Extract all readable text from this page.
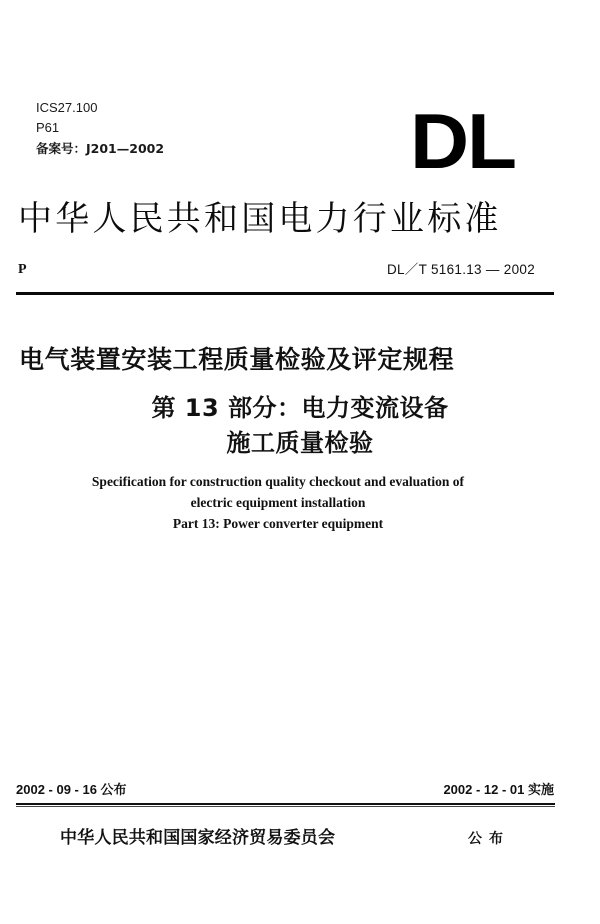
ICS27.100
P61
备案号：J201—2002	DL
中华人民共和国电力行业标准
P	DL／T 5161.13 — 2002
电气装置安装工程质量检验及评定规程
第 13 部分：电力变流设备
施工质量检验
Specification for construction quality checkout and evaluation of
electric equipment installation
Part 13: Power converter equipment
2002 - 09 - 16 公布	2002 - 12 - 01 实施
中华人民共和国国家经济贸易委员会	公布
